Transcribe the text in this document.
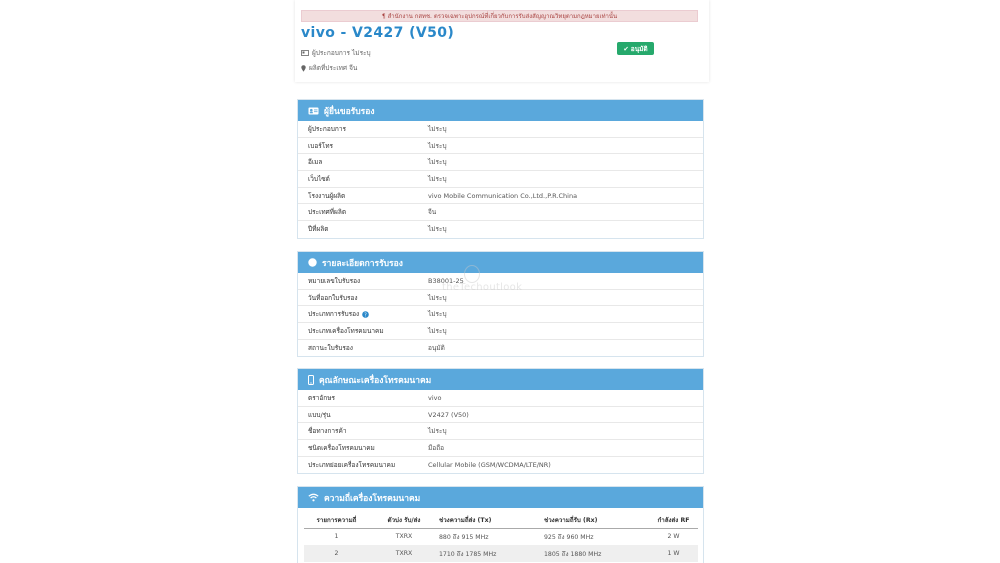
¶ สำนักงาน กสทช. ตรวจเฉพาะอุปกรณ์ที่เกี่ยวกับการรับส่งสัญญาณวิทยุตามกฎหมายเท่านั้น
vivo - V2427 (V50)
ผู้ประกอบการ ไม่ระบุ
ผลิตที่ประเทศ จีน
✔ อนุมัติ
ผู้ยื่นขอรับรอง
ผู้ประกอบการ	ไม่ระบุ
เบอร์โทร	ไม่ระบุ
อีเมล	ไม่ระบุ
เว็บไซต์	ไม่ระบุ
โรงงานผู้ผลิต	vivo Mobile Communication Co.,Ltd.,P.R.China
ประเทศที่ผลิต	จีน
ปีที่ผลิต	ไม่ระบุ
รายละเอียดการรับรอง
หมายเลขใบรับรอง	B38001-25
วันที่ออกใบรับรอง	ไม่ระบุ
ประเภทการรับรอง ?	ไม่ระบุ
ประเภทเครื่องโทรคมนาคม	ไม่ระบุ
สถานะใบรับรอง	อนุมัติ
คุณลักษณะเครื่องโทรคมนาคม
ตราอักษร	vivo
แบบ/รุ่น	V2427 (V50)
ชื่อทางการค้า	ไม่ระบุ
ชนิดเครื่องโทรคมนาคม	มือถือ
ประเภทย่อยเครื่องโทรคมนาคม	Cellular Mobile (GSM/WCDMA/LTE/NR)
ความถี่เครื่องโทรคมนาคม
รายการความถี่	ตัวบ่ง รับ/ส่ง	ช่วงความถี่ส่ง (Tx)	ช่วงความถี่รับ (Rx)	กำลังส่ง RF
1	TXRX	880 ถึง 915 MHz	925 ถึง 960 MHz	2 W
2	TXRX	1710 ถึง 1785 MHz	1805 ถึง 1880 MHz	1 W
theTechoutlook
